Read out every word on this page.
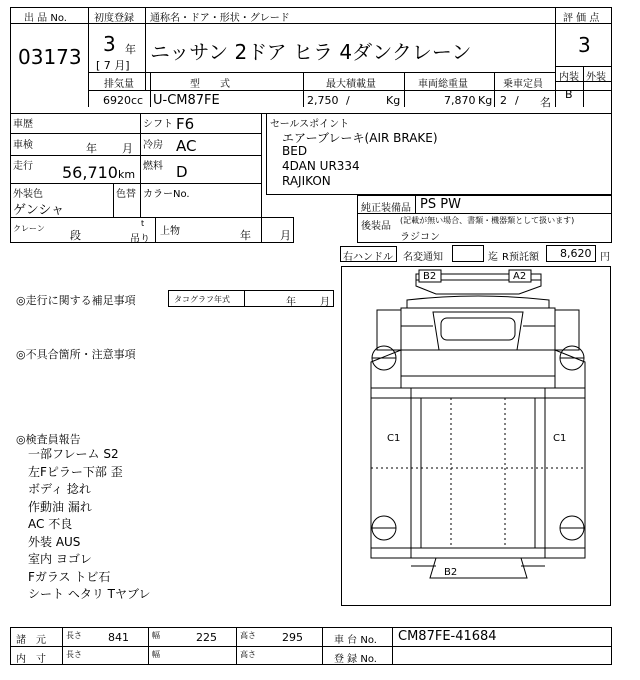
出 品 No.
03173
初度登録
3 年
[ 7 月]
通称名・ドア・形状・グレード
ニッサン 2ドア ヒラ 4ダンクレーン
評 価 点
3
内装 外装
B
排気量	型　　式	最大積載量	車両総重量	乗車定員
6920 cc U-CM87FE	2,750 /	Kg	7,870 Kg 2 / 名
車歴	シフト F6
車検	年 月 冷房 AC
走行 56,710 km
燃料 D
外装色
ゲンシャ
色替 カラーNo.
クレーン
段
t
吊り
上物	年	月
セールスポイント
エアーブレーキ(AIR BRAKE)
BED
4DAN UR334
RAJIKON
純正装備品 PS PW
後装品
(記載が無い場合、書類・機器類として扱います)
ラジコン
右ハンドル 名変通知	迄 R预託額 8,620 円
◎走行に関する補足事項	タコグラフ年式	年 月
◎不具合箇所・注意事項
◎検査員報告
一部フレーム S2
左Fピラー下部 歪
ボディ 捻れ
作動油 漏れ
AC 不良
外装 AUS
室内 ヨゴレ
Fガラス トビ石
シート ヘタリ Tヤブレ
B2	A2
C1	C1
B2
諸　元	長さ 841	幅	225	高さ 295	車 台 No. CM87FE-41684
内　寸	長さ	幅	高さ	登 録 No.
